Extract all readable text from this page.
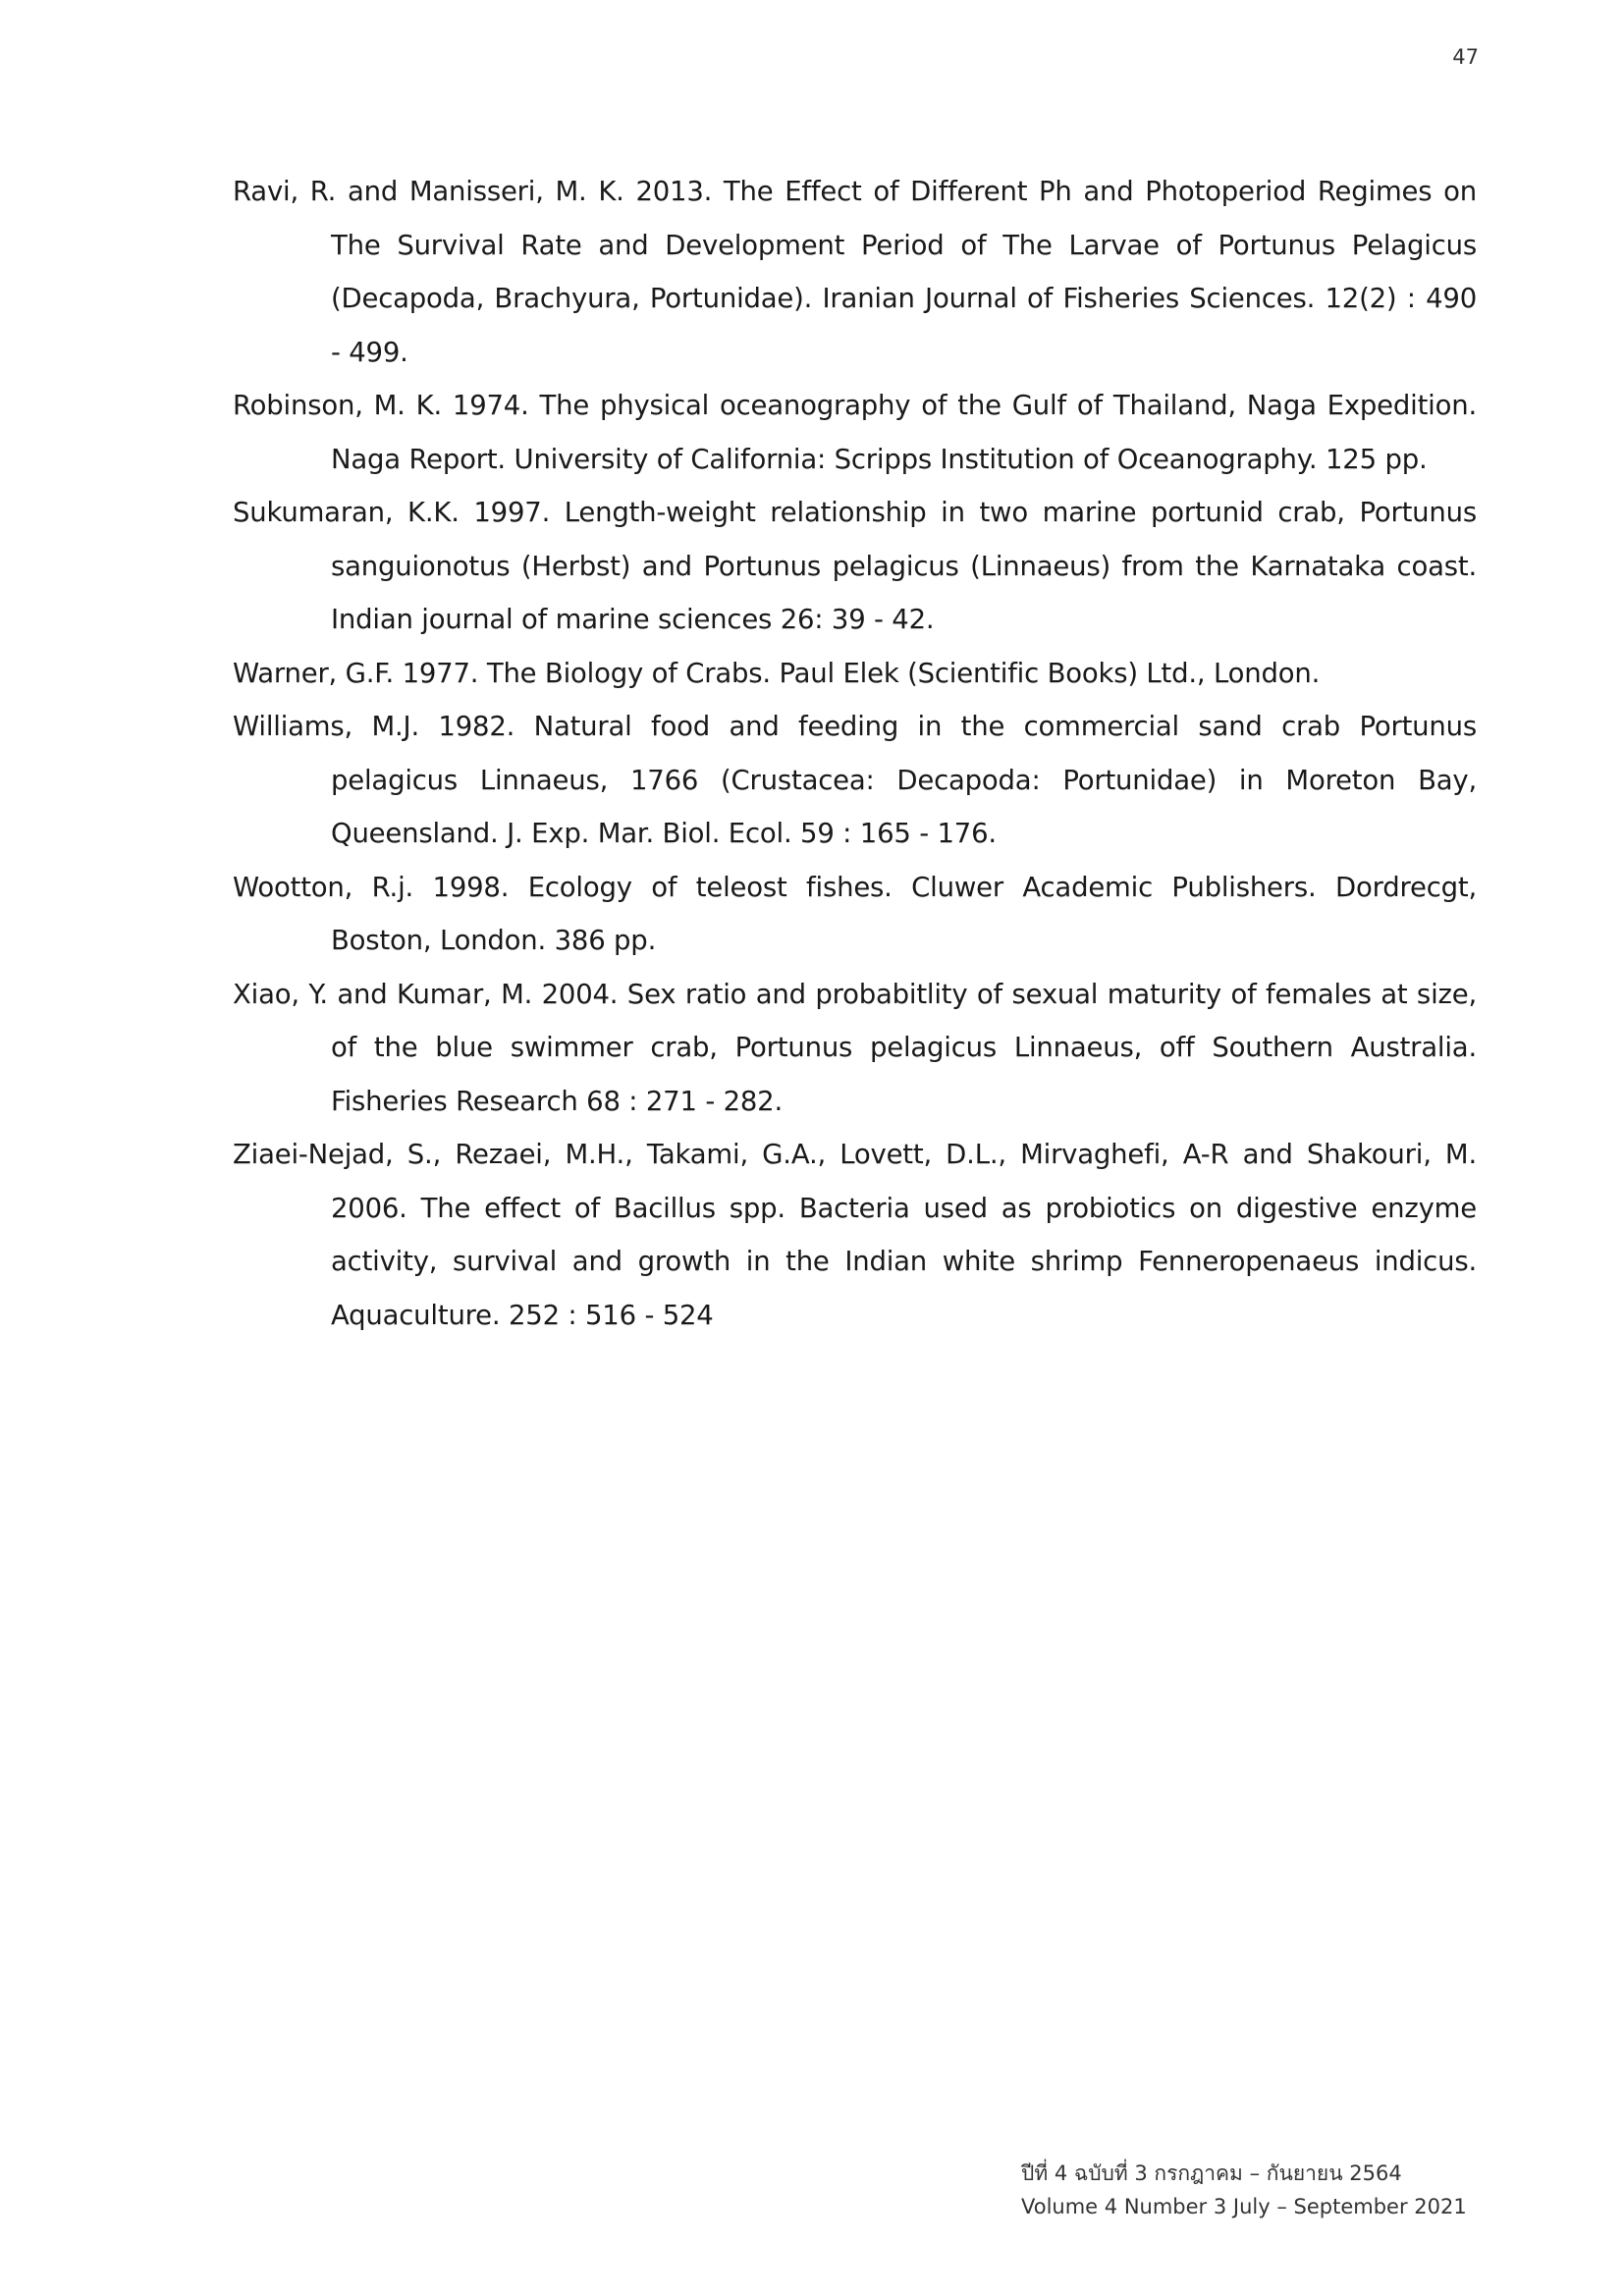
47

Ravi, R. and Manisseri, M. K. 2013. The Effect of Different Ph and Photoperiod Regimes on The Survival Rate and Development Period of The Larvae of Portunus Pelagicus (Decapoda, Brachyura, Portunidae). Iranian Journal of Fisheries Sciences. 12(2) : 490 - 499.

Robinson, M. K. 1974. The physical oceanography of the Gulf of Thailand, Naga Expedition. Naga Report. University of California: Scripps Institution of Oceanography. 125 pp.

Sukumaran, K.K. 1997. Length-weight relationship in two marine portunid crab, Portunus sanguionotus (Herbst) and Portunus pelagicus (Linnaeus) from the Karnataka coast. Indian journal of marine sciences 26: 39 - 42.

Warner, G.F. 1977. The Biology of Crabs. Paul Elek (Scientific Books) Ltd., London.

Williams, M.J. 1982. Natural food and feeding in the commercial sand crab Portunus pelagicus Linnaeus, 1766 (Crustacea: Decapoda: Portunidae) in Moreton Bay, Queensland. J. Exp. Mar. Biol. Ecol. 59 : 165 - 176.

Wootton, R.j. 1998. Ecology of teleost fishes. Cluwer Academic Publishers. Dordrecgt, Boston, London. 386 pp.

Xiao, Y. and Kumar, M. 2004. Sex ratio and probabitlity of sexual maturity of females at size, of the blue swimmer crab, Portunus pelagicus Linnaeus, off Southern Australia. Fisheries Research 68 : 271 - 282.

Ziaei-Nejad, S., Rezaei, M.H., Takami, G.A., Lovett, D.L., Mirvaghefi, A-R and Shakouri, M. 2006. The effect of Bacillus spp. Bacteria used as probiotics on digestive enzyme activity, survival and growth in the Indian white shrimp Fenneropenaeus indicus. Aquaculture. 252 : 516 - 524

ปีที่ 4 ฉบับที่ 3 กรกฎาคม – กันยายน 2564
Volume 4 Number 3 July – September 2021
